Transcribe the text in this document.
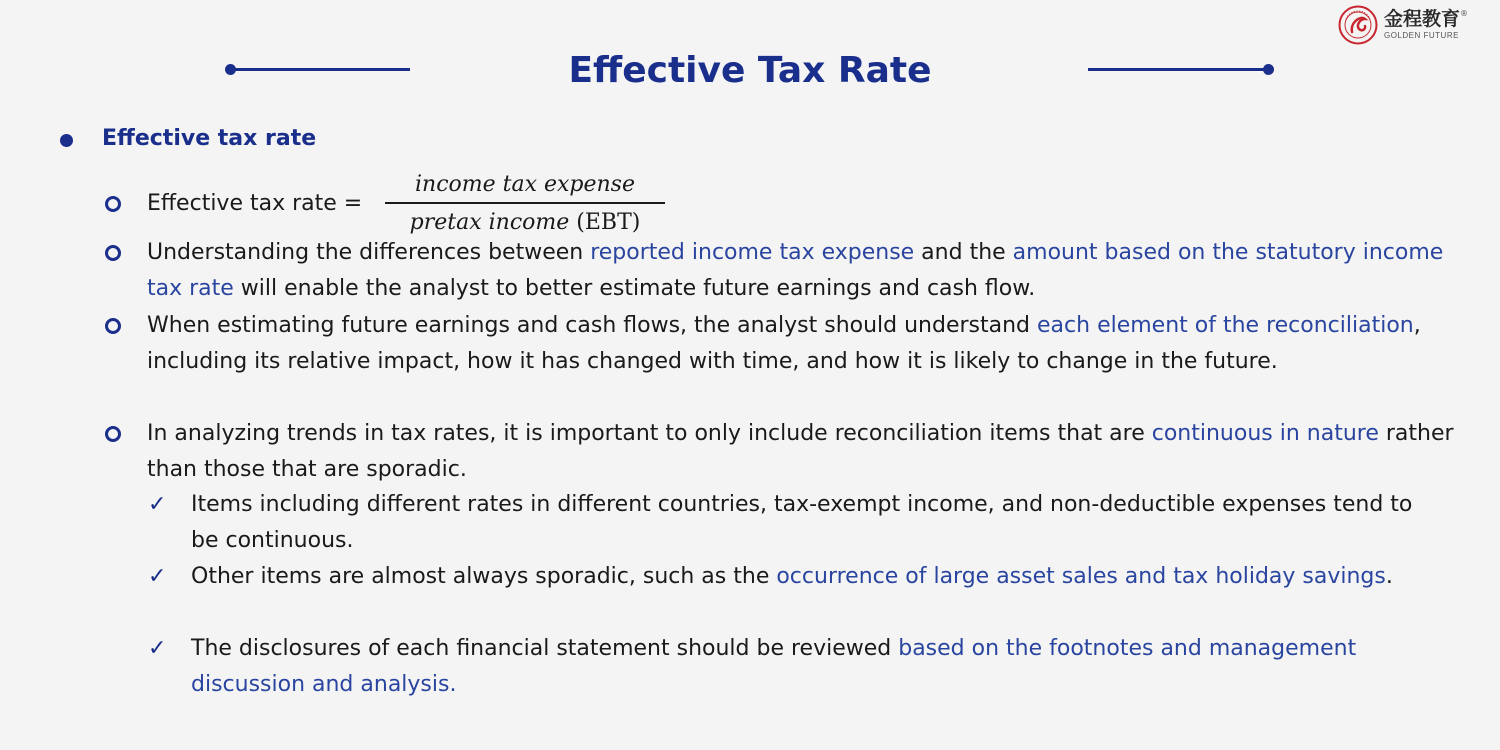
金程教育®
GOLDEN FUTURE
Effective Tax Rate
Effective tax rate
Effective tax rate =
income tax expense
pretax income (EBT)
Understanding the differences between reported income tax expense and the amount based on the statutory income tax rate will enable the analyst to better estimate future earnings and cash flow.
When estimating future earnings and cash flows, the analyst should understand each element of the reconciliation, including its relative impact, how it has changed with time, and how it is likely to change in the future.
In analyzing trends in tax rates, it is important to only include reconciliation items that are continuous in nature rather than those that are sporadic.
✓ Items including different rates in different countries, tax-exempt income, and non-deductible expenses tend to be continuous.
✓ Other items are almost always sporadic, such as the occurrence of large asset sales and tax holiday savings.
✓ The disclosures of each financial statement should be reviewed based on the footnotes and management discussion and analysis.
